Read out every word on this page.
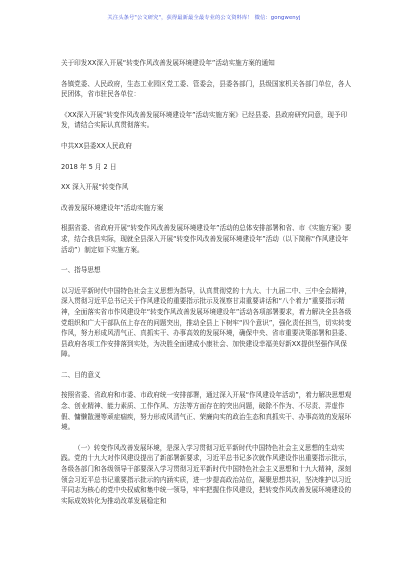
关注头条号"公文研究"，获得最新最全最专业的公文资料库！ 微信：gongwenyj

关于印发XX深入开展“转变作风改善发展环境建设年”活动实施方案的通知

各镇党委、人民政府，生态工业园区党工委、管委会，县委各部门，县级国家机关各部门单位，各人民团体，省市驻民各单位：

《XX深入开展“转变作风改善发展环境建设年”活动实施方案》已经县委、县政府研究同意，现予印发，请结合实际认真贯彻落实。

中共XX县委XX人民政府

2018 年 5 月 2 日

XX 深入开展“转变作风

改善发展环境建设年”活动实施方案

根据省委、省政府开展“转变作风改善发展环境建设年”活动的总体安排部署和省、市《实施方案》要求，结合我县实际，现就全县深入开展“转变作风改善发展环境建设年”活动（以下简称“作风建设年活动”）制定如下实施方案。

一、指导思想

以习近平新时代中国特色社会主义思想为指导，认真贯彻党的十九大、十九届二中、三中全会精神，深入贯彻习近平总书记关于作风建设的重要指示批示及视察甘肃重要讲话和“八个着力”重要指示精神，全面落实省市作风建设年“转变作风改善发展环境建设年”活动各项部署要求，着力解决全县各级党组织和广大干部队伍上存在的问题突出，推动全县上下树牢“四个意识”，强化责任担当，切实转变作风，努力形成风清气正、真抓实干、办事高效的发展环境，确保中央、省市重要决策部署和县委、县政府各项工作安排落到实处，为决胜全面建成小康社会、加快建设幸福美好新XX提供坚强作风保障。

二、目的意义

按照省委、省政府和市委、市政府统一安排部署，通过深入开展“作风建设年活动”，着力解决思想观念、创业精神、能力素质、工作作风、方法等方面存在的突出问题，破除不作为、不尽责、弄虚作假、慵懒散漫等顽症痼疾，努力形成风清气正、荣廉向实的政治生态和真抓实干、办事高效的发展环境。

（一）转变作风改善发展环境，是深入学习贯彻习近平新时代中国特色社会主义思想的生动实践。党的十九大对作风建设提出了新部署新要求，习近平总书记多次就作风建设作出重要指示批示，各级各部门和各级领导干部要深入学习贯彻习近平新时代中国特色社会主义思想和十九大精神，深刻领会习近平总书记重要指示批示的内涵实质，进一步提高政治站位，凝聚思想共识，坚决维护以习近平同志为核心的党中央权威和集中统一领导，牢牢把握住作风建设，把转变作风改善发展环境建设的实际成效转化为推动改革发展稳定和
